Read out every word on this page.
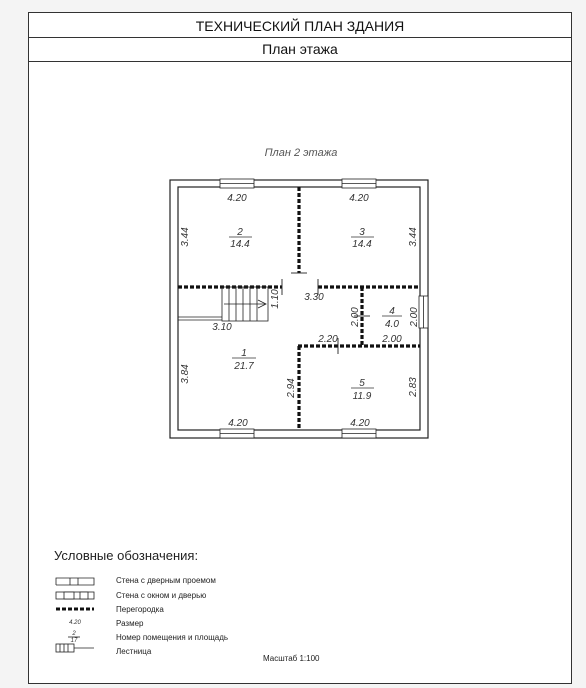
ТЕХНИЧЕСКИЙ ПЛАН ЗДАНИЯ
План этажа
План 2 этажа
4.20	4.20
3.44	3.44
1.10 3.30
3.10
2.00	2.00
2.00
2.20
3.84
2.94	2.83
4.20	4.20
2
14.4
3
14.4
4
4.0
1
21.7
5
11.9
4.20
2
17
Условные обозначения:
Стена с дверным проемом
Стена с окном и дверью
Перегородка
Размер
Номер помещения и площадь
Лестница
Масштаб 1:100
